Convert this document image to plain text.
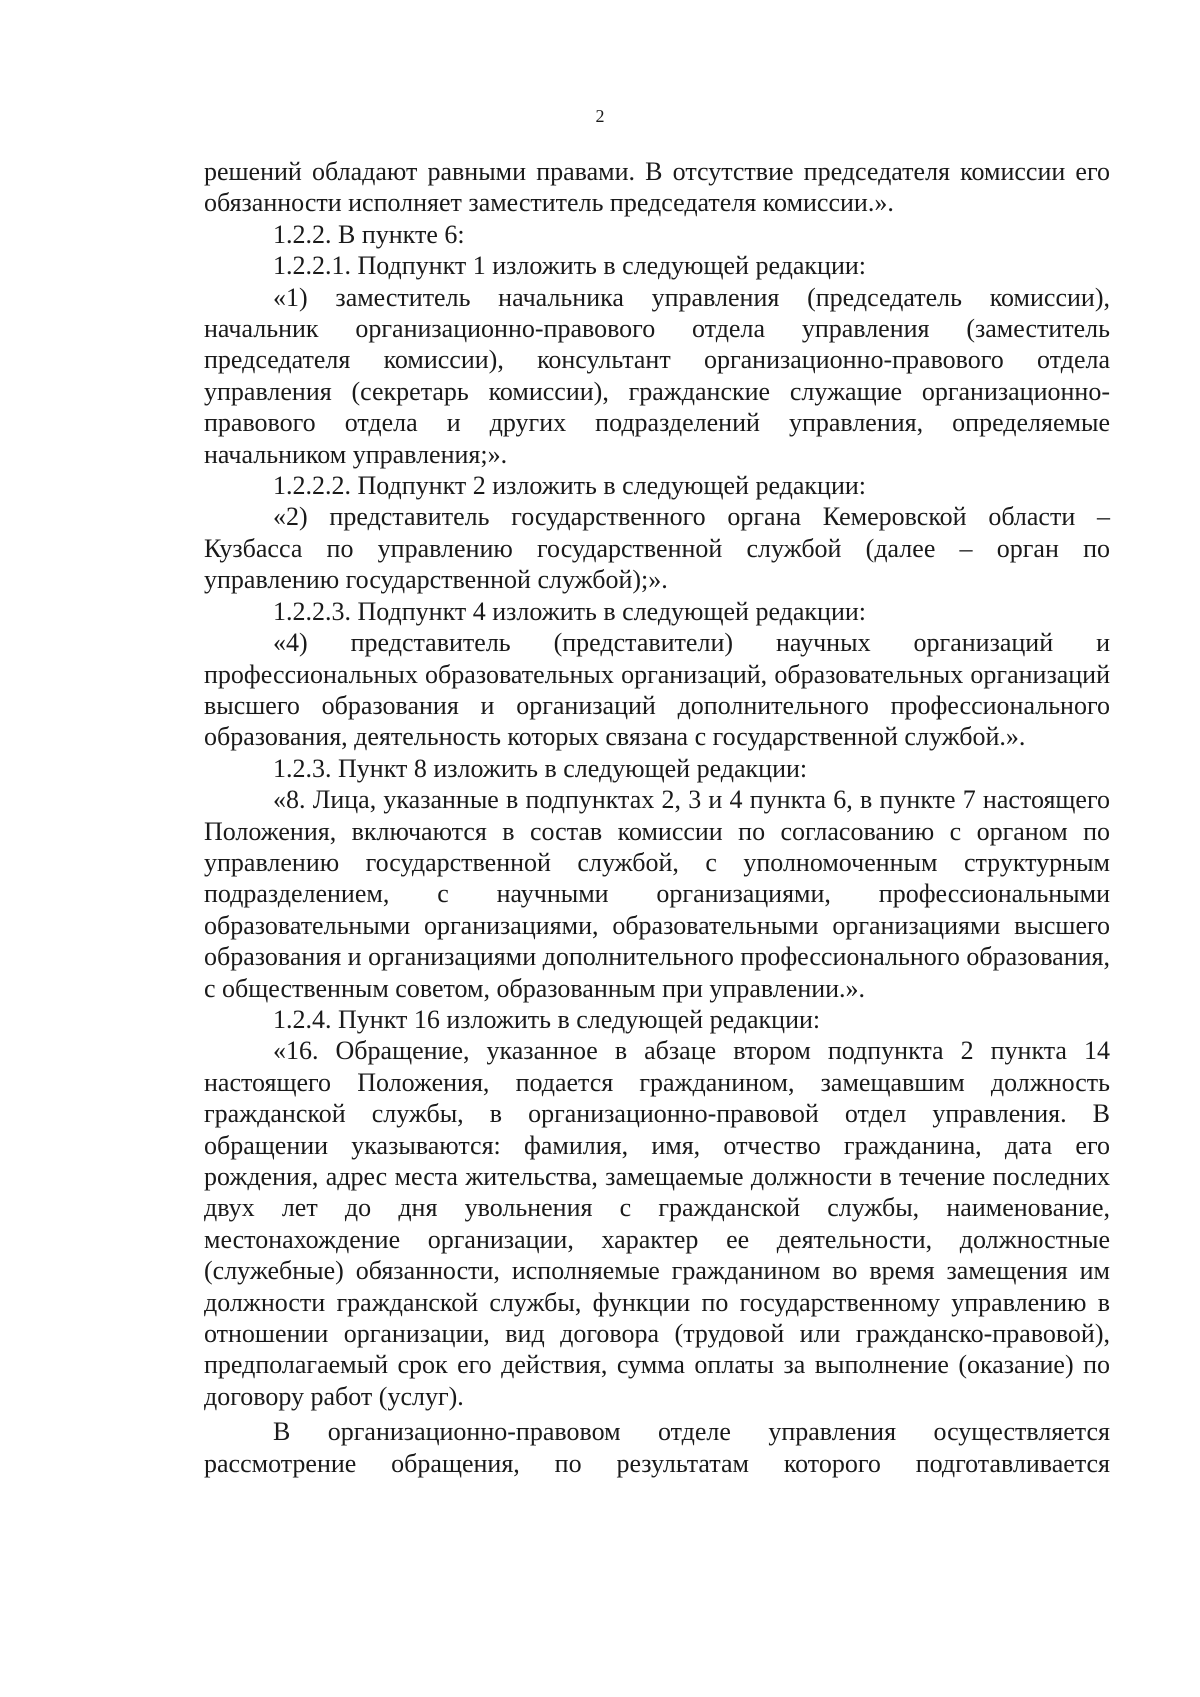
2

решений обладают равными правами. В отсутствие председателя комиссии его обязанности исполняет заместитель председателя комиссии.».

1.2.2. В пункте 6:

1.2.2.1. Подпункт 1 изложить в следующей редакции:

«1) заместитель начальника управления (председатель комиссии), начальник организационно-правового отдела управления (заместитель председателя комиссии), консультант организационно-правового отдела управления (секретарь комиссии), гражданские служащие организационно-правового отдела и других подразделений управления, определяемые начальником управления;».

1.2.2.2. Подпункт 2 изложить в следующей редакции:

«2) представитель государственного органа Кемеровской области – Кузбасса по управлению государственной службой (далее – орган по управлению государственной службой);».

1.2.2.3. Подпункт 4 изложить в следующей редакции:

«4) представитель (представители) научных организаций и профессиональных образовательных организаций, образовательных организаций высшего образования и организаций дополнительного профессионального образования, деятельность которых связана с государственной службой.».

1.2.3. Пункт 8 изложить в следующей редакции:

«8. Лица, указанные в подпунктах 2, 3 и 4 пункта 6, в пункте 7 настоящего Положения, включаются в состав комиссии по согласованию с органом по управлению государственной службой, с уполномоченным структурным подразделением, с научными организациями, профессиональными образовательными организациями, образовательными организациями высшего образования и организациями дополнительного профессионального образования, с общественным советом, образованным при управлении.».

1.2.4. Пункт 16 изложить в следующей редакции:

«16. Обращение, указанное в абзаце втором подпункта 2 пункта 14 настоящего Положения, подается гражданином, замещавшим должность гражданской службы, в организационно-правовой отдел управления. В обращении указываются: фамилия, имя, отчество гражданина, дата его рождения, адрес места жительства, замещаемые должности в течение последних двух лет до дня увольнения с гражданской службы, наименование, местонахождение организации, характер ее деятельности, должностные (служебные) обязанности, исполняемые гражданином во время замещения им должности гражданской службы, функции по государственному управлению в отношении организации, вид договора (трудовой или гражданско-правовой), предполагаемый срок его действия, сумма оплаты за выполнение (оказание) по договору работ (услуг).

В организационно-правовом отделе управления осуществляется рассмотрение обращения, по результатам которого подготавливается
